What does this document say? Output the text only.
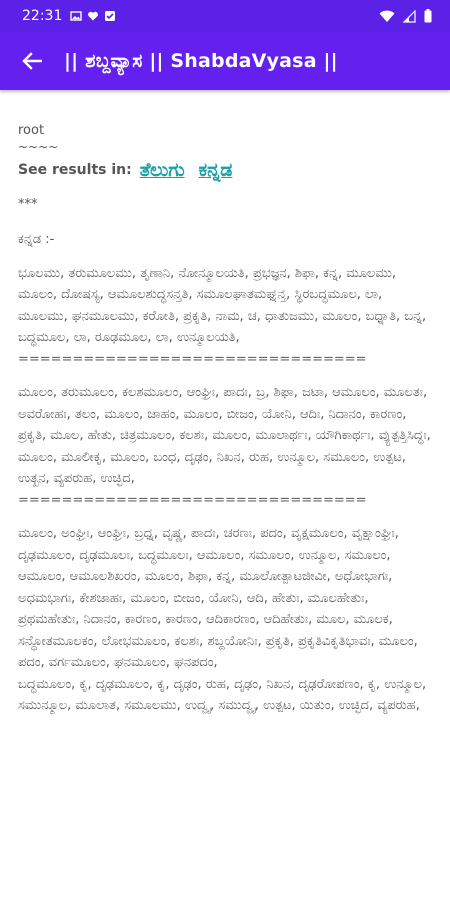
22:31
|| ಶಬ್ದವ್ಯಾಸ || ShabdaVyasa ||
root
~~~~
See results in: ತೆಲುಗು ಕನ್ನಡ
***
ಕನ್ನಡ :-
ಭೂಲಮು, ತರುಮೂಲಮು, ತೃಣಾನಿ, ನೋನ್ಮೂಲಯತಿ, ಪ್ರಭಜ್ಞನ, ಶಿಫಾ, ಕನ್ನ, ಮೂಲಮು, ಮೂಲಂ, ದೋಷಸ್ಯ, ಆಮೂಲಶುದ್ಧಸನ್ತತಿ, ಸಮೂಲಘಾತಮಘ್ನನ್ತ, ಸ್ಥಿರಬದ್ಧಮೂಲ, ಲಾ, ಮೂಲಮು, ಘನಮೂಲಮು, ಕರೋತಿ, ಪ್ರಕೃತಿ, ನಾಮ, ಚ, ಧಾತುಜಮು, ಮೂಲಂ, ಬಧ್ನಾತಿ, ಬನ್ನ, ಬದ್ಧಮೂಲ, ಲಾ, ರೂಢಮೂಲ, ಲಾ, ಉನ್ಮೂಲಯತಿ,
================================
ಮೂಲಂ, ತರುಮೂಲಂ, ಕಲಶಮೂಲಂ, ಆಂಘ್ರಿಃ, ಪಾದಃ, ಬ್ರ, ಶಿಫಾ, ಜಟಾ, ಆಮೂಲಂ, ಮೂಲತಃ, ಅವರೋಹಃ, ತಲಂ, ಮೂಲಂ, ಜಾಹಂ, ಮೂಲಂ, ಬೀಜಂ, ಯೋನಿ, ಆದಿಃ, ನಿದಾನಂ, ಕಾರಣಂ, ಪ್ರಕೃತಿ, ಮೂಲ, ಹೇತು, ಚಿತ್ರಮೂಲಂ, ಕಲಶಃ, ಮೂಲಂ, ಮೂಲಾರ್ಥಃ, ಯೌಗಿಕಾರ್ಥಃ, ವ್ಯುತ್ಪತ್ತಿಸಿದ್ಧಃ, ಮೂಲಂ, ಮೂಲೀಕೃ, ಮೂಲಂ, ಬಂಧ, ದೃಢಂ, ನಿಖನ, ರುಹ, ಉನ್ಮೂಲ, ಸಮೂಲಂ, ಉತ್ಪಟ, ಉತ್ಖನ, ವ್ಯಪರುಹ, ಉಚ್ಛಿದ,
================================
ಮೂಲಂ, ಅಂಘ್ರಿಃ, ಆಂಘ್ರಿಃ, ಬ್ರಧ್ನ, ವೃಷ್ಣ, ಪಾದಃ, ಚರಣಃ, ಪದಂ, ವೃಕ್ಷಮೂಲಂ, ವೃಕ್ಷಾಂಘ್ರಿಃ, ದೃಢಮೂಲಂ, ದೃಢಮೂಲಃ, ಬದ್ಧಮೂಲಃ, ಆಮೂಲಂ, ಸಮೂಲಂ, ಉನ್ಮೂಲ, ಸಮೂಲಂ, ಆಮೂಲಂ, ಆಮೂಲಶಿಖರಂ, ಮೂಲಂ, ಶಿಫಾ, ಕನ್ನ, ಮೂಲೋತ್ಪಾಟಜೀವೀ, ಅಧೋಭಾಗಃ, ಅಧಮಭಾಗಃ, ಕೇಶಜಾಹಃ, ಮೂಲಂ, ಬೀಜಂ, ಯೋನಿ, ಆದಿ, ಹೇತುಃ, ಮೂಲಹೇತುಃ, ಪ್ರಥಮಹೇತುಃ, ನಿದಾನಂ, ಕಾರಣಂ, ಕಾರಣಂ, ಆದಿಕಾರಣಂ, ಆದಿಹೇತುಃ, ಮೂಲ, ಮೂಲಕ, ಸನ್ಧೋತಮೂಲಕಂ, ಲೋಭಮೂಲಂ, ಕಲಶಃ, ಶಬ್ದಯೋನಿಃ, ಪ್ರಕೃತಿ, ಪ್ರಕೃತಿವಿಕೃತಿಭಾವಃ, ಮೂಲಂ, ಪದಂ, ವರ್ಗಮೂಲಂ, ಘನಮೂಲಂ, ಘನಪದಂ,
ಬದ್ಧಮೂಲಂ, ಕೃ, ದೃಢಮೂಲಂ, ಕೃ, ದೃಢಂ, ರುಹ, ದೃಢಂ, ನಿಖನ, ದೃಢರೋಪಣಂ, ಕೃ, ಉನ್ಮೂಲ, ಸಮುನ್ಮೂಲ, ಮೂಲಾತ, ಸಮೂಲಮು, ಉದ್ವೃ, ಸಮುದ್ವೃ, ಉತ್ಪಟ, ಯಿತುಂ, ಉಚ್ಛಿದ, ವ್ಯಪರುಹ,
